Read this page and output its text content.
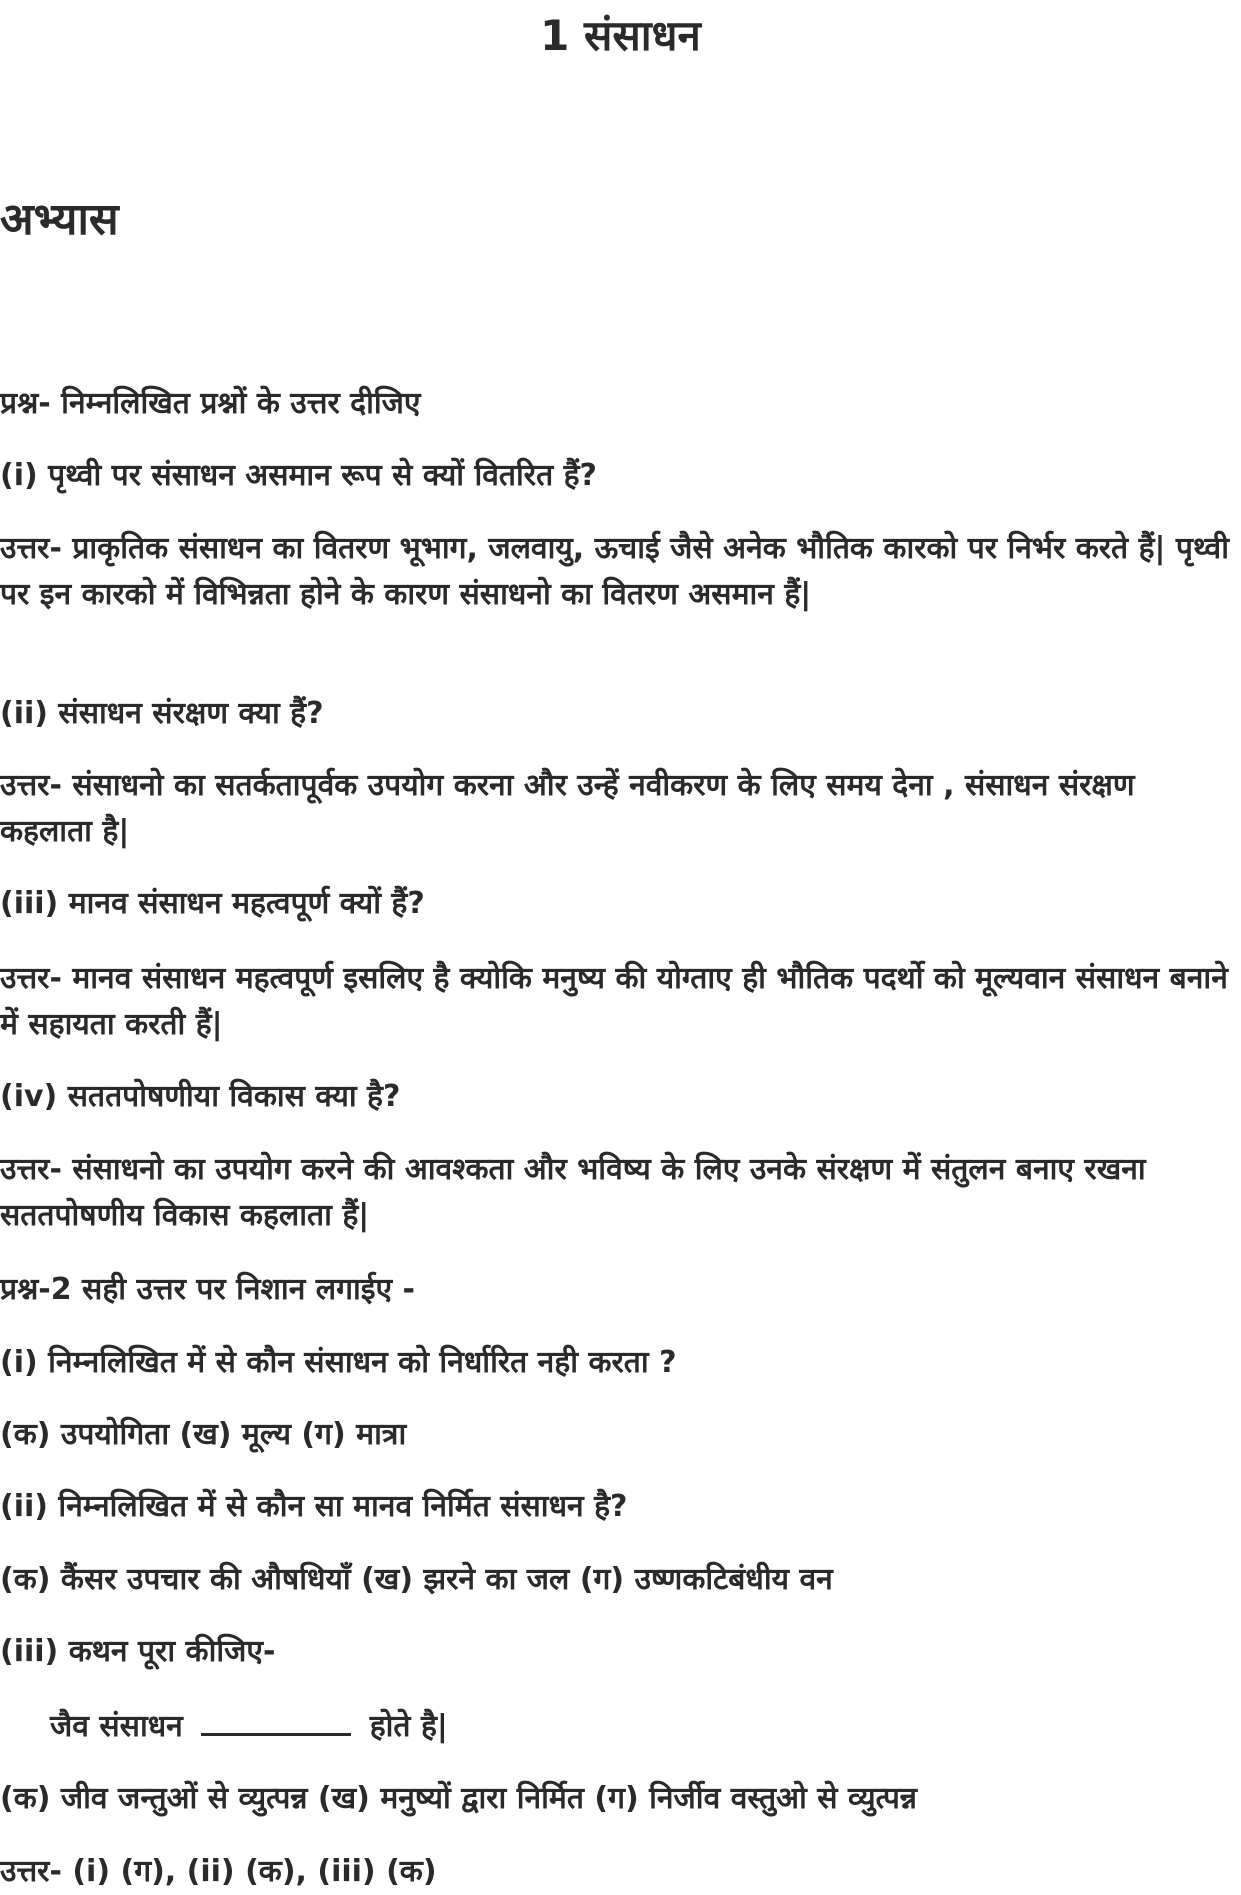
1 संसाधन
अभ्यास
प्रश्न- निम्नलिखित प्रश्नों के उत्तर दीजिए
(i) पृथ्वी पर संसाधन असमान रूप से क्यों वितरित हैं?
उत्तर- प्राकृतिक संसाधन का वितरण भूभाग, जलवायु, ऊचाई जैसे अनेक भौतिक कारको पर निर्भर करते हैं| पृथ्वी पर इन कारको में विभिन्नता होने के कारण संसाधनो का वितरण असमान हैं|
(ii) संसाधन संरक्षण क्या हैं?
उत्तर- संसाधनो का सतर्कतापूर्वक उपयोग करना और उन्हें नवीकरण के लिए समय देना , संसाधन संरक्षण कहलाता है|
(iii) मानव संसाधन महत्वपूर्ण क्यों हैं?
उत्तर- मानव संसाधन महत्वपूर्ण इसलिए है क्योकि मनुष्य की योग्ताए ही भौतिक पदर्थो को मूल्यवान संसाधन बनाने में सहायता करती हैं|
(iv) सततपोषणीया विकास क्या है?
उत्तर- संसाधनो का उपयोग करने की आवश्कता और भविष्य के लिए उनके संरक्षण में संतुलन बनाए रखना सततपोषणीय विकास कहलाता हैं|
प्रश्न-2 सही उत्तर पर निशान लगाईए -
(i) निम्नलिखित में से कौन संसाधन को निर्धारित नही करता ?
(क) उपयोगिता (ख) मूल्य (ग) मात्रा
(ii) निम्नलिखित में से कौन सा मानव निर्मित संसाधन है?
(क) कैंसर उपचार की औषधियाँ (ख) झरने का जल (ग) उष्णकटिबंधीय वन
(iii) कथन पूरा कीजिए-
जैव संसाधन	होते है|
(क) जीव जन्तुओं से व्युत्पन्न (ख) मनुष्यों द्वारा निर्मित (ग) निर्जीव वस्तुओ से व्युत्पन्न
उत्तर- (i) (ग), (ii) (क), (iii) (क)
